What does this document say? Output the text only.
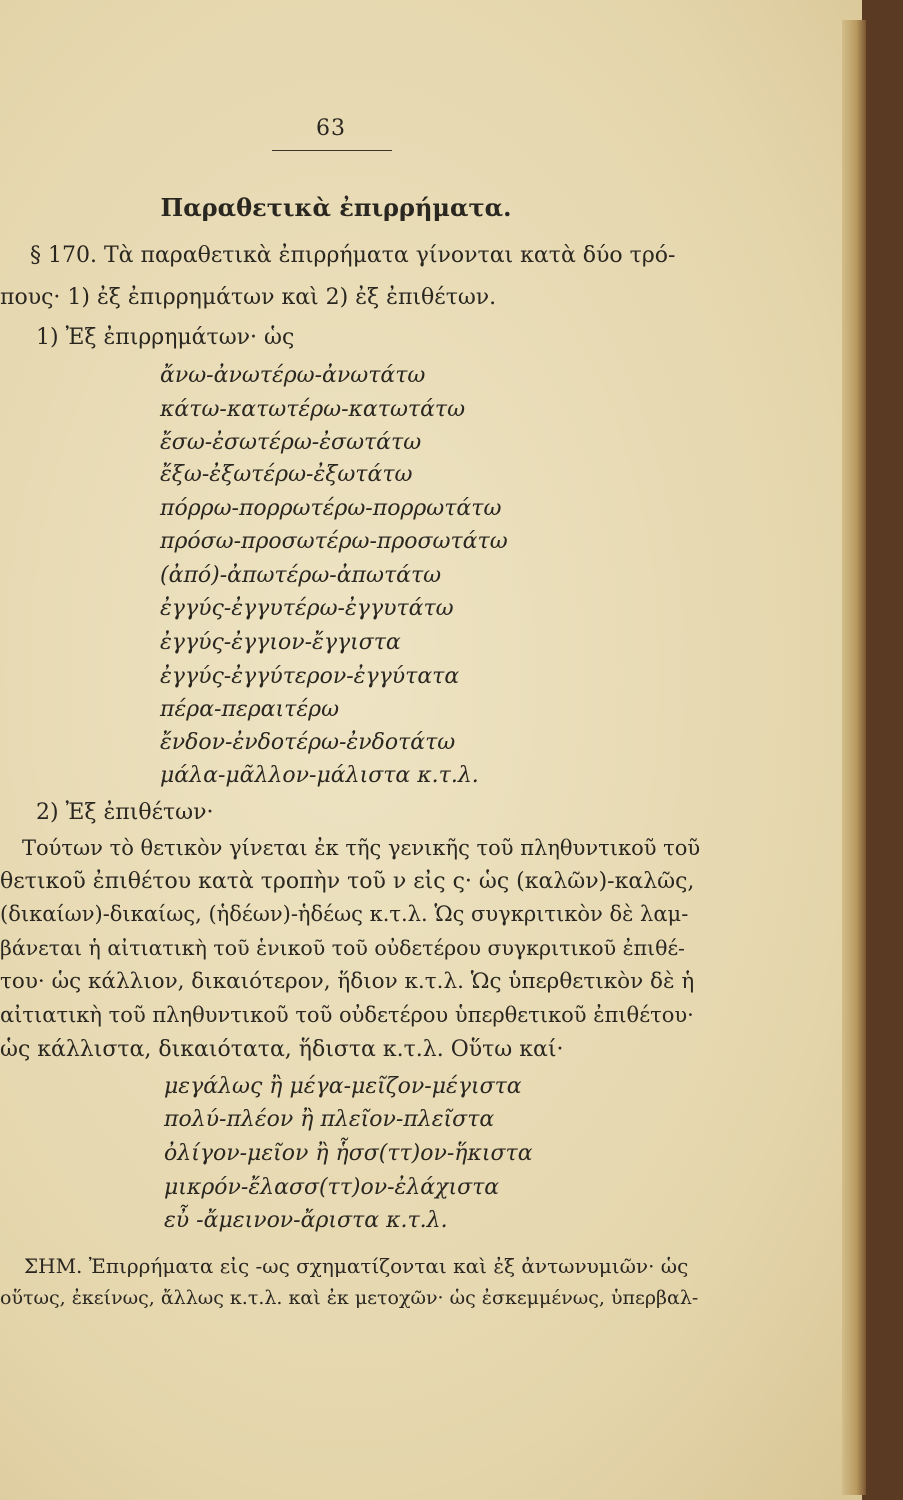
63
Παραθετικὰ ἐπιρρήματα.
§ 170. Τὰ παραθετικὰ ἐπιρρήματα γίνονται κατὰ δύο τρό-
πους· 1) ἐξ ἐπιρρημάτων καὶ 2) ἐξ ἐπιθέτων.
1) Ἐξ ἐπιρρημάτων· ὡς
ἄνω-ἀνωτέρω-ἀνωτάτω
κάτω-κατωτέρω-κατωτάτω
ἔσω-ἐσωτέρω-ἐσωτάτω
ἔξω-ἐξωτέρω-ἐξωτάτω
πόρρω-πορρωτέρω-πορρωτάτω
πρόσω-προσωτέρω-προσωτάτω
(ἀπό)-ἀπωτέρω-ἀπωτάτω
ἐγγύς-ἐγγυτέρω-ἐγγυτάτω
ἐγγύς-ἐγγιον-ἔγγιστα
ἐγγύς-ἐγγύτερον-ἐγγύτατα
πέρα-περαιτέρω
ἔνδον-ἐνδοτέρω-ἐνδοτάτω
μάλα-μᾶλλον-μάλιστα κ.τ.λ.
2) Ἐξ ἐπιθέτων·
Τούτων τὸ θετικὸν γίνεται ἐκ τῆς γενικῆς τοῦ πληθυντικοῦ τοῦ
θετικοῦ ἐπιθέτου κατὰ τροπὴν τοῦ ν εἰς ς· ὡς (καλῶν)-καλῶς,
(δικαίων)-δικαίως, (ἡδέων)-ἡδέως κ.τ.λ. Ὡς συγκριτικὸν δὲ λαμ-
βάνεται ἡ αἰτιατικὴ τοῦ ἑνικοῦ τοῦ οὐδετέρου συγκριτικοῦ ἐπιθέ-
του· ὡς κάλλιον, δικαιότερον, ἥδιον κ.τ.λ. Ὡς ὑπερθετικὸν δὲ ἡ
αἰτιατικὴ τοῦ πληθυντικοῦ τοῦ οὐδετέρου ὑπερθετικοῦ ἐπιθέτου·
ὡς κάλλιστα, δικαιότατα, ἥδιστα κ.τ.λ. Οὕτω καί·
μεγάλως ἢ μέγα-μεῖζον-μέγιστα
πολύ-πλέον ἢ πλεῖον-πλεῖστα
ὀλίγον-μεῖον ἢ ἧσσ(ττ)ον-ἥκιστα
μικρόν-ἔλασσ(ττ)ον-ἐλάχιστα
εὖ -ἄμεινον-ἄριστα κ.τ.λ.
ΣΗΜ. Ἐπιρρήματα εἰς -ως σχηματίζονται καὶ ἐξ ἀντωνυμιῶν· ὡς
οὕτως, ἐκείνως, ἄλλως κ.τ.λ. καὶ ἐκ μετοχῶν· ὡς ἐσκεμμένως, ὑπερβαλ-
